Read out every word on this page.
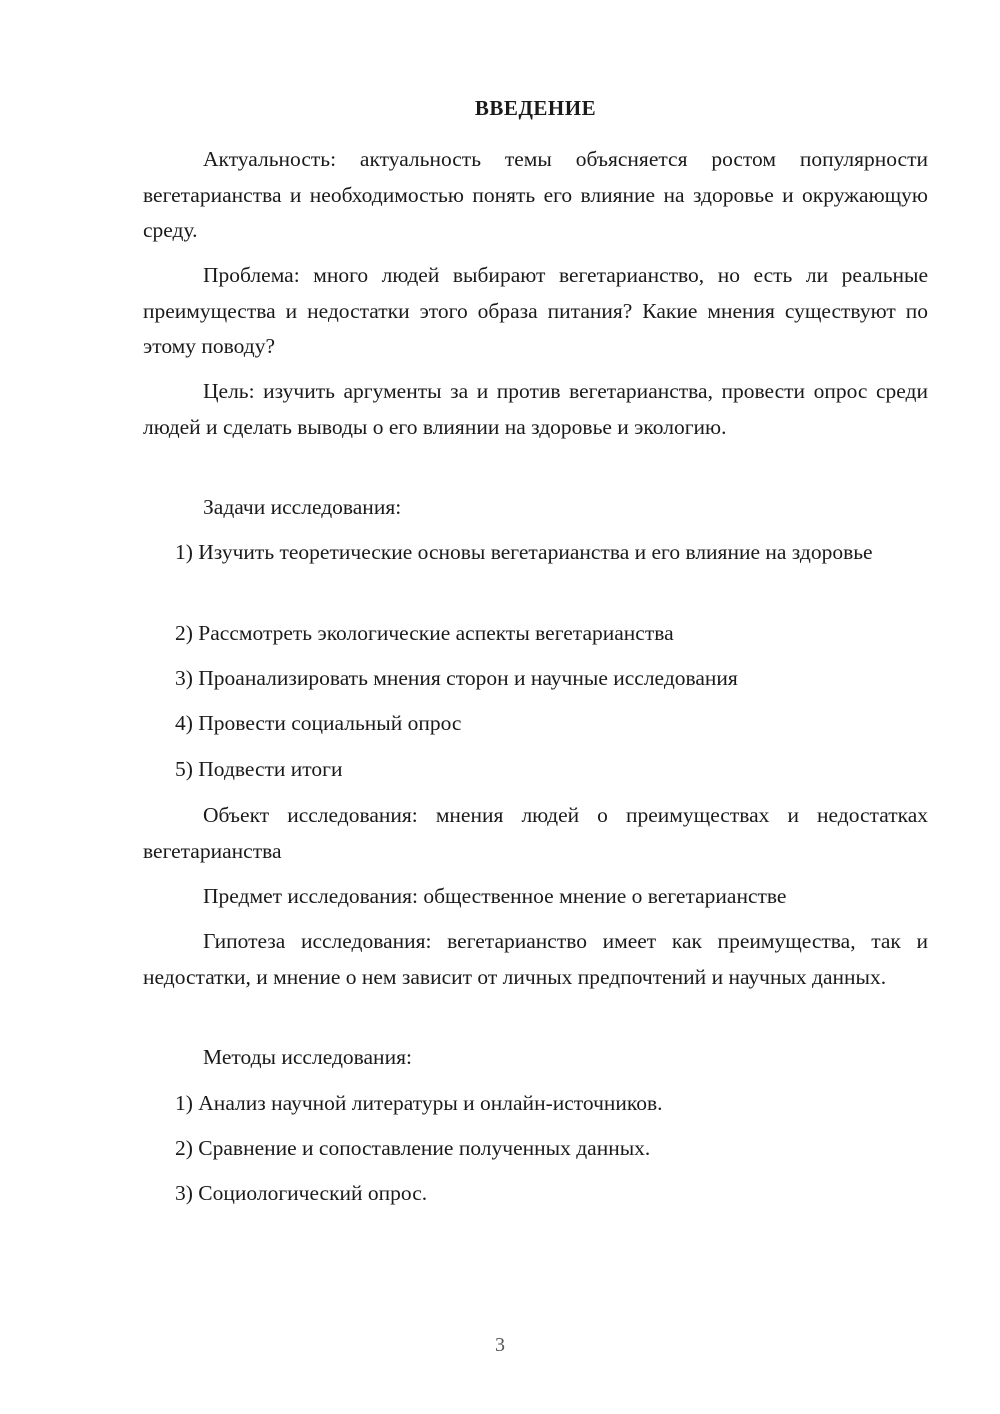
ВВЕДЕНИЕ
Актуальность: актуальность темы объясняется ростом популярности вегетарианства и необходимостью понять его влияние на здоровье и окружающую среду.
Проблема: много людей выбирают вегетарианство, но есть ли реальные преимущества и недостатки этого образа питания? Какие мнения существуют по этому поводу?
Цель: изучить аргументы за и против вегетарианства, провести опрос среди людей и сделать выводы о его влиянии на здоровье и экологию.
Задачи исследования:
1) Изучить теоретические основы вегетарианства и его влияние на здоровье
2) Рассмотреть экологические аспекты вегетарианства
3) Проанализировать мнения сторон и научные исследования
4) Провести социальный опрос
5) Подвести итоги
Объект исследования: мнения людей о преимуществах и недостатках вегетарианства
Предмет исследования: общественное мнение о вегетарианстве
Гипотеза исследования: вегетарианство имеет как преимущества, так и недостатки, и мнение о нем зависит от личных предпочтений и научных данных.
Методы исследования:
1) Анализ научной литературы и онлайн-источников.
2) Сравнение и сопоставление полученных данных.
3) Социологический опрос.
3
